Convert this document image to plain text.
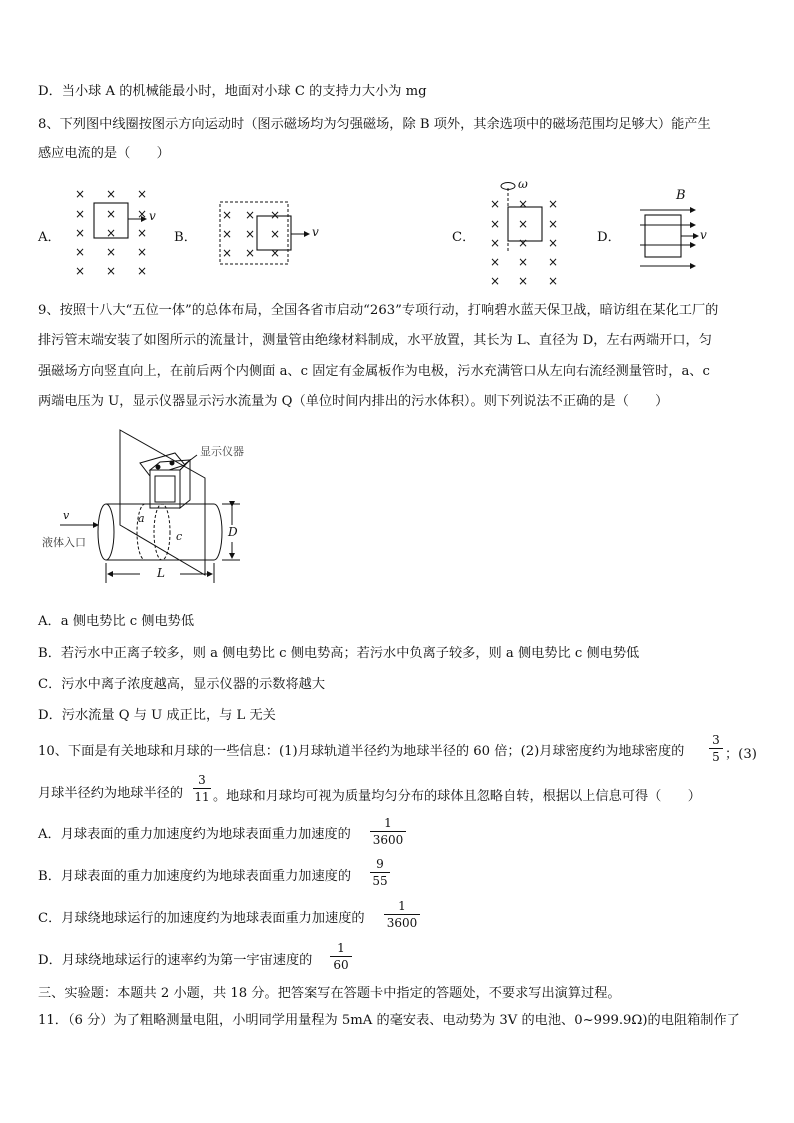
D．当小球 A 的机械能最小时，地面对小球 C 的支持力大小为 mg
8、下列图中线圈按图示方向运动时（图示磁场均为匀强磁场，除 B 项外，其余选项中的磁场范围均足够大）能产生
感应电流的是（　　）
A．	B．	C．	D．
× × ×
× × ×
× × ×
× × ×
× × ×
× × ×
× × ×
× × ×
× × ×
× × ×
× × ×
× × ×
× × ×
v
v
ω
B
v
9、按照十八大“五位一体”的总体布局，全国各省市启动“263”专项行动，打响碧水蓝天保卫战，暗访组在某化工厂的
排污管末端安装了如图所示的流量计，测量管由绝缘材料制成，水平放置，其长为 L、直径为 D，左右两端开口，匀
强磁场方向竖直向上，在前后两个内侧面 a、c 固定有金属板作为电极，污水充满管口从左向右流经测量管时，a、c
两端电压为 U，显示仪器显示污水流量为 Q（单位时间内排出的污水体积）。则下列说法不正确的是（　　）
显示仪器
v
液体入口
a
c	D
L
A．a 侧电势比 c 侧电势低
B．若污水中正离子较多，则 a 侧电势比 c 侧电势高；若污水中负离子较多，则 a 侧电势比 c 侧电势低
C．污水中离子浓度越高，显示仪器的示数将越大
D．污水流量 Q 与 U 成正比，与 L 无关
10、下面是有关地球和月球的一些信息：(1)月球轨道半径约为地球半径的 60 倍；(2)月球密度约为地球密度的
3
5 ；(3)
月球半径约为地球半径的
3
11 。地球和月球均可视为质量均匀分布的球体且忽略自转，根据以上信息可得（　　）
A．月球表面的重力加速度约为地球表面重力加速度的
1
3600
B．月球表面的重力加速度约为地球表面重力加速度的
9
55
C．月球绕地球运行的加速度约为地球表面重力加速度的
1
3600
D．月球绕地球运行的速率约为第一宇宙速度的
1
60
三、实验题：本题共 2 小题，共 18 分。把答案写在答题卡中指定的答题处，不要求写出演算过程。
11．（6 分）为了粗略测量电阻，小明同学用量程为 5mA 的毫安表、电动势为 3V 的电池、0~999.9Ω)的电阻箱制作了
